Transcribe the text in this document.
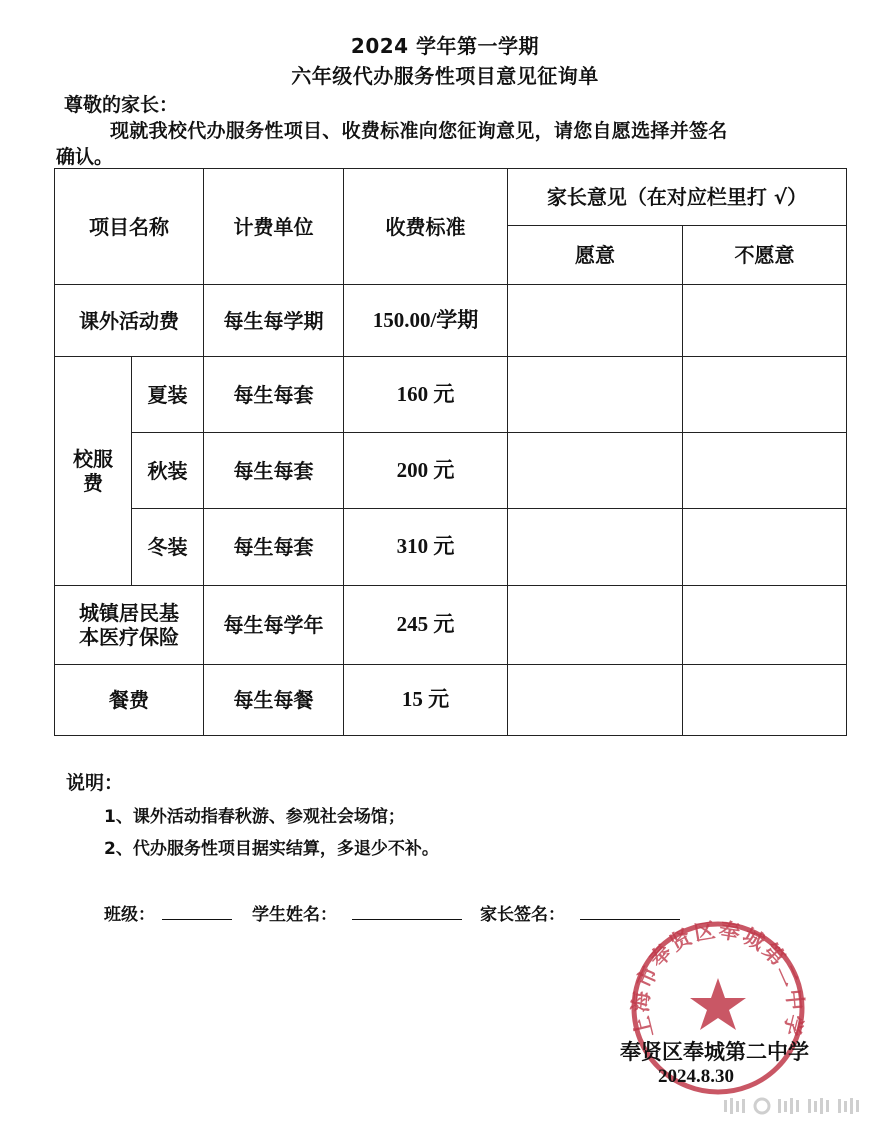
2024 学年第一学期
六年级代办服务性项目意见征询单
尊敬的家长：
现就我校代办服务性项目、收费标准向您征询意见，请您自愿选择并签名
确认。
项目名称		计费单位	收费标准	家长意见（在对应栏里打 √）	
				愿意	不愿意
课外活动费		每生每学期	150.00/学期		
校服
费	夏装	每生每套	160 元		
	秋装	每生每套	200 元		
	冬装	每生每套	310 元		
城镇居民基
本医疗保险		每生每学年	245 元		
餐费		每生每餐	15 元		
说明：
1、课外活动指春秋游、参观社会场馆；
2、代办服务性项目据实结算，多退少不补。
班级：	学生姓名：	家长签名：
上海市奉贤区奉城第二中学
奉贤区奉城第二中学
2024.8.30
